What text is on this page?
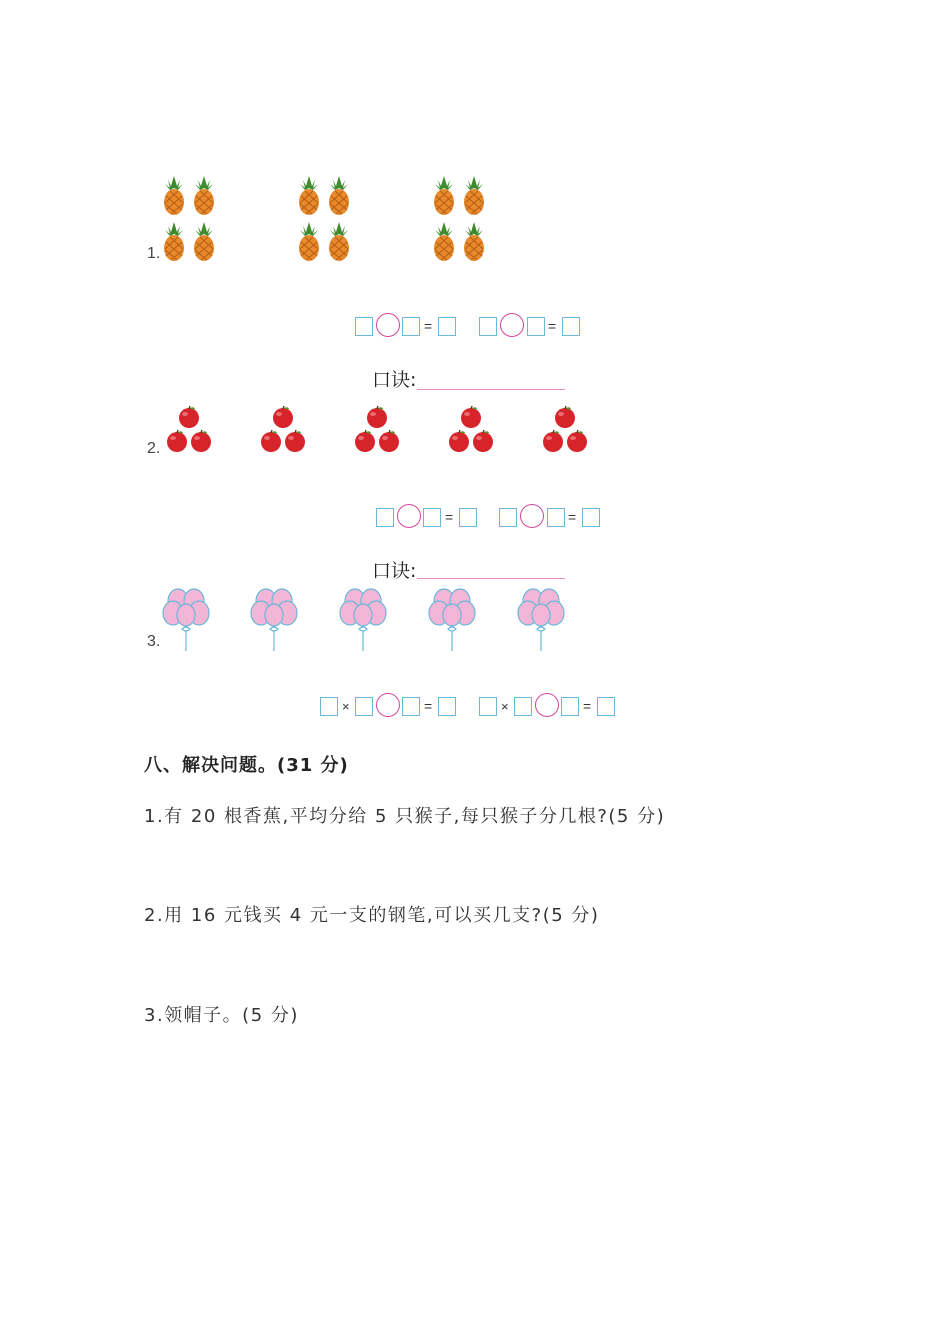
1.
=	=
口诀:
2.
=	=
口诀:
3.
×	=	×	=
八、解决问题。(31 分)
1.有 20 根香蕉,平均分给 5 只猴子,每只猴子分几根?(5 分)
2.用 16 元钱买 4 元一支的钢笔,可以买几支?(5 分)
3.领帽子。(5 分)
